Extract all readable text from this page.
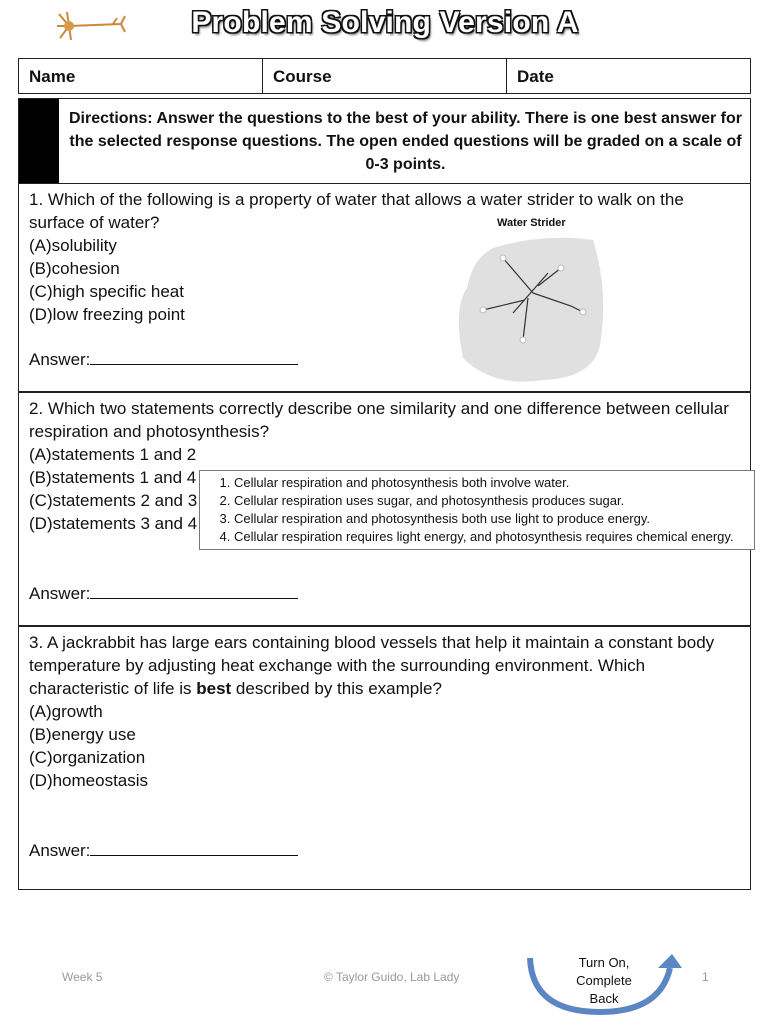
Problem Solving Version A
Name	Course	Date
Directions: Answer the questions to the best of your ability. There is one best answer for the selected response questions. The open ended questions will be graded on a scale of 0-3 points.
1. Which of the following is a property of water that allows a water strider to walk on the surface of water?
(A)solubility
(B)cohesion
(C)high specific heat
(D)low freezing point
Answer:
Water Strider
2. Which two statements correctly describe one similarity and one difference between cellular respiration and photosynthesis?
(A)statements 1 and 2
(B)statements 1 and 4
(C)statements 2 and 3
(D)statements 3 and 4
1. Cellular respiration and photosynthesis both involve water.
2. Cellular respiration uses sugar, and photosynthesis produces sugar.
3. Cellular respiration and photosynthesis both use light to produce energy.
4. Cellular respiration requires light energy, and photosynthesis requires chemical energy.
Answer:
3. A jackrabbit has large ears containing blood vessels that help it maintain a constant body temperature by adjusting heat exchange with the surrounding environment. Which characteristic of life is best described by this example?
(A)growth
(B)energy use
(C)organization
(D)homeostasis
Answer:
Week 5	© Taylor Guido, Lab Lady	1
Turn On,
Complete Back
